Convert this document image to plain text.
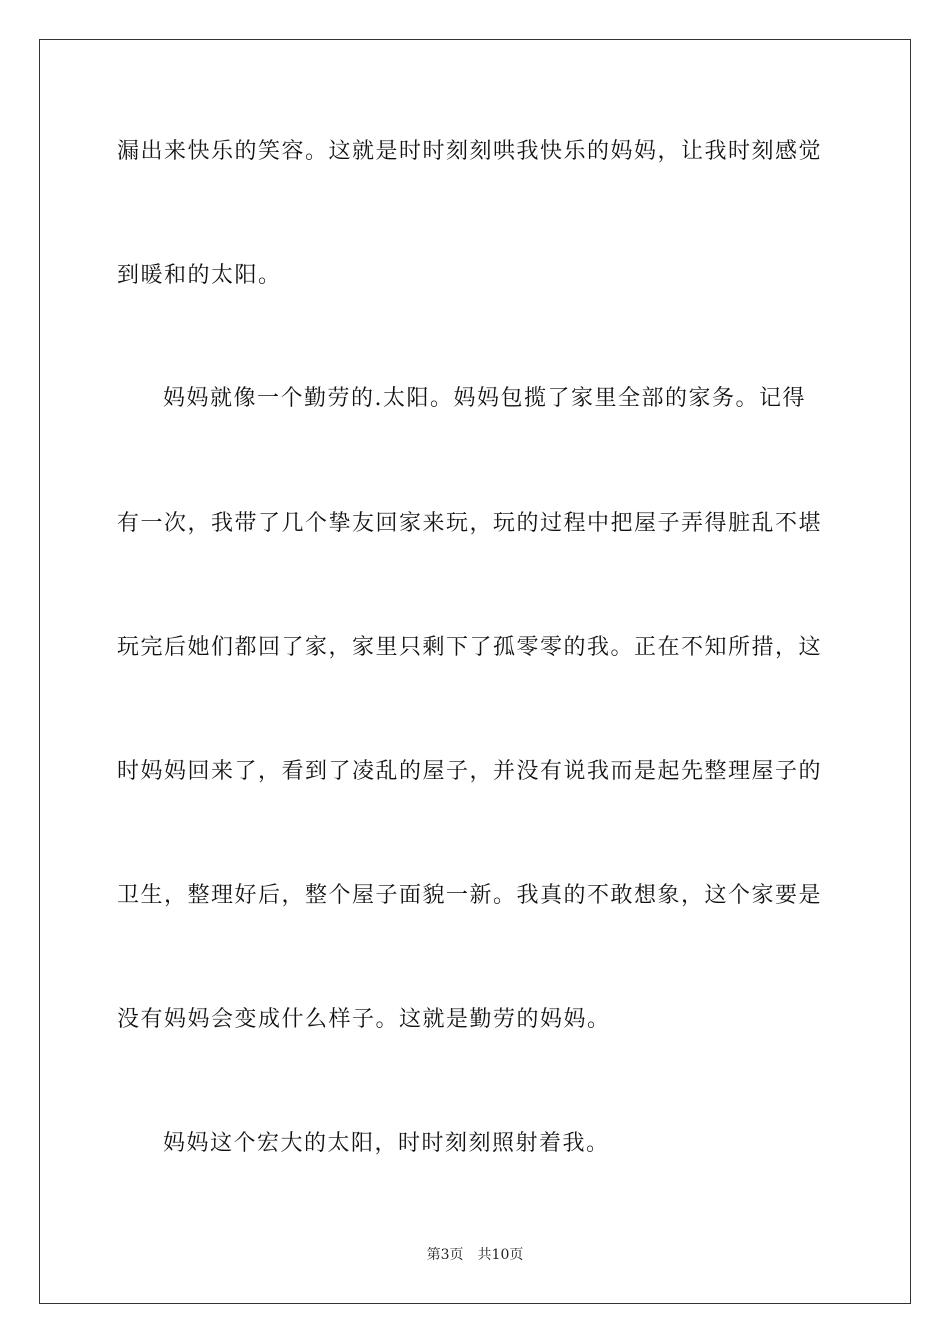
漏出来快乐的笑容。这就是时时刻刻哄我快乐的妈妈，让我时刻感觉
到暖和的太阳。
妈妈就像一个勤劳的.太阳。妈妈包揽了家里全部的家务。记得
有一次，我带了几个挚友回家来玩，玩的过程中把屋子弄得脏乱不堪
玩完后她们都回了家，家里只剩下了孤零零的我。正在不知所措，这
时妈妈回来了，看到了凌乱的屋子，并没有说我而是起先整理屋子的
卫生，整理好后，整个屋子面貌一新。我真的不敢想象，这个家要是
没有妈妈会变成什么样子。这就是勤劳的妈妈。
妈妈这个宏大的太阳，时时刻刻照射着我。
第3页 共10页
